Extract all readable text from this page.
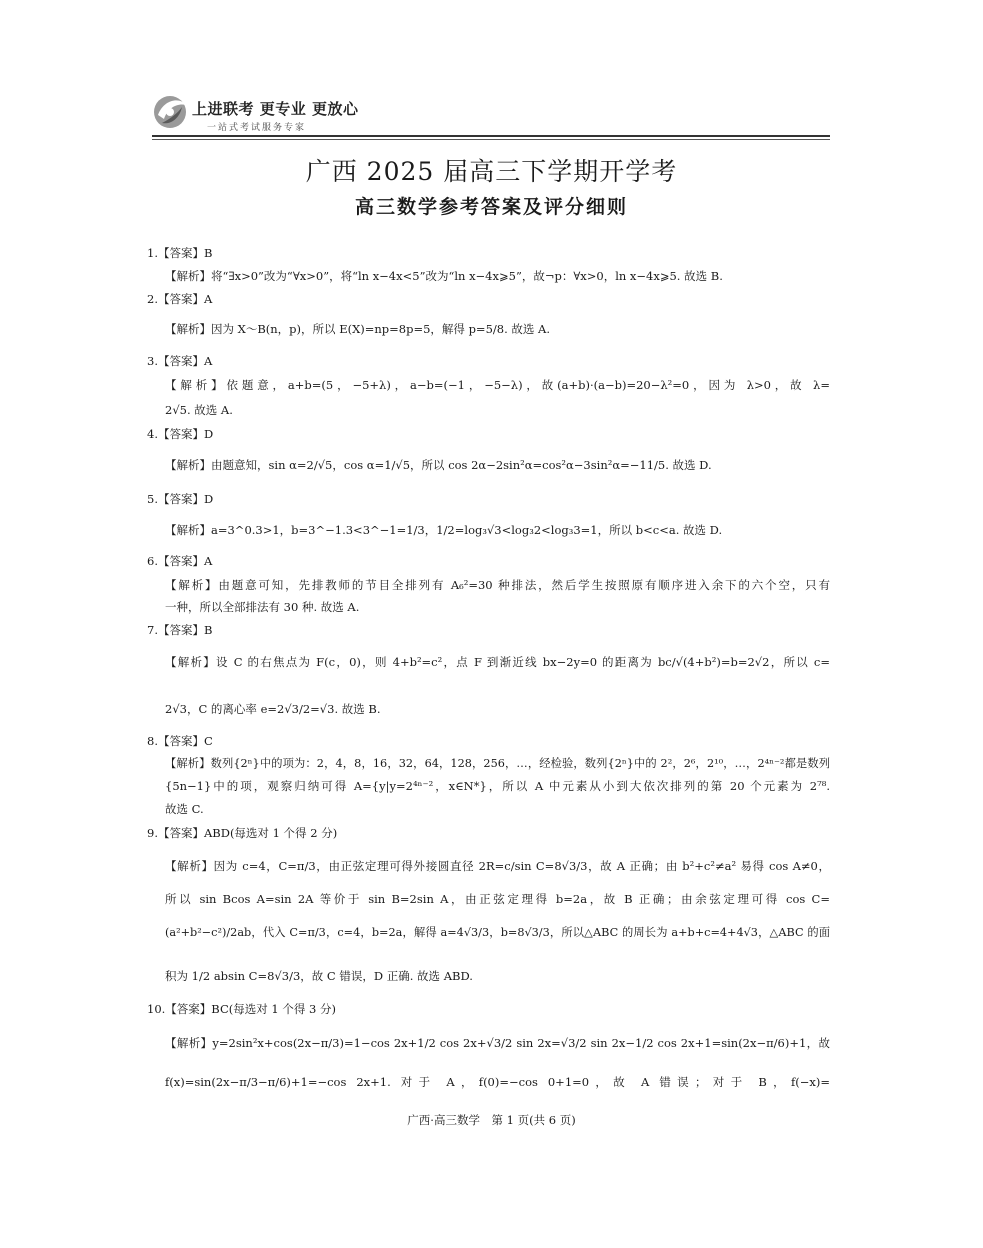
上进联考 更专业 更放心
一站式考试服务专家
广西 2025 届高三下学期开学考
高三数学参考答案及评分细则
1.【答案】B
【解析】将“∃x>0”改为“∀x>0”，将“ln x−4x<5”改为“ln x−4x⩾5”，故¬p：∀x>0，ln x−4x⩾5. 故选 B.
2.【答案】A
【解析】因为 X～B(n，p)，所以 E(X)=np=8p=5，解得 p=5/8. 故选 A.
3.【答案】A
【解析】依题意，a+b=(5，−5+λ)，a−b=(−1，−5−λ)，故(a+b)·(a−b)=20−λ²=0，因为 λ>0，故 λ=
2√5. 故选 A.
4.【答案】D
【解析】由题意知，sin α=2/√5，cos α=1/√5，所以 cos 2α−2sin²α=cos²α−3sin²α=−11/5. 故选 D.
5.【答案】D
【解析】a=3^0.3>1，b=3^−1.3<3^−1=1/3，1/2=log₃√3<log₃2<log₃3=1，所以 b<c<a. 故选 D.
6.【答案】A
【解析】由题意可知，先排教师的节目全排列有 A₆²=30 种排法，然后学生按照原有顺序进入余下的六个空，只有
一种，所以全部排法有 30 种. 故选 A.
7.【答案】B
【解析】设 C 的右焦点为 F(c，0)，则 4+b²=c²，点 F 到渐近线 bx−2y=0 的距离为 bc/√(4+b²)=b=2√2，所以 c=
2√3，C 的离心率 e=2√3/2=√3. 故选 B.
8.【答案】C
【解析】数列{2ⁿ}中的项为：2，4，8，16，32，64，128，256，…，经检验，数列{2ⁿ}中的 2²，2⁶，2¹⁰，…，2⁴ⁿ⁻²都是数列
{5n−1}中的项，观察归纳可得 A={y|y=2⁴ⁿ⁻²，x∈N*}，所以 A 中元素从小到大依次排列的第 20 个元素为 2⁷⁸.
故选 C.
9.【答案】ABD(每选对 1 个得 2 分)
【解析】因为 c=4，C=π/3，由正弦定理可得外接圆直径 2R=c/sin C=8√3/3，故 A 正确；由 b²+c²≠a² 易得 cos A≠0，
所以 sin Bcos A=sin 2A 等价于 sin B=2sin A，由正弦定理得 b=2a，故 B 正确；由余弦定理可得 cos C=
(a²+b²−c²)/2ab，代入 C=π/3，c=4，b=2a，解得 a=4√3/3，b=8√3/3，所以△ABC 的周长为 a+b+c=4+4√3，△ABC 的面
积为 1/2 absin C=8√3/3，故 C 错误，D 正确. 故选 ABD.
10.【答案】BC(每选对 1 个得 3 分)
【解析】y=2sin²x+cos(2x−π/3)=1−cos 2x+1/2 cos 2x+√3/2 sin 2x=√3/2 sin 2x−1/2 cos 2x+1=sin(2x−π/6)+1，故
f(x)=sin(2x−π/3−π/6)+1=−cos 2x+1. 对于 A，f(0)=−cos 0+1=0，故 A 错误；对于 B，f(−x)=
广西·高三数学　第 1 页(共 6 页)
